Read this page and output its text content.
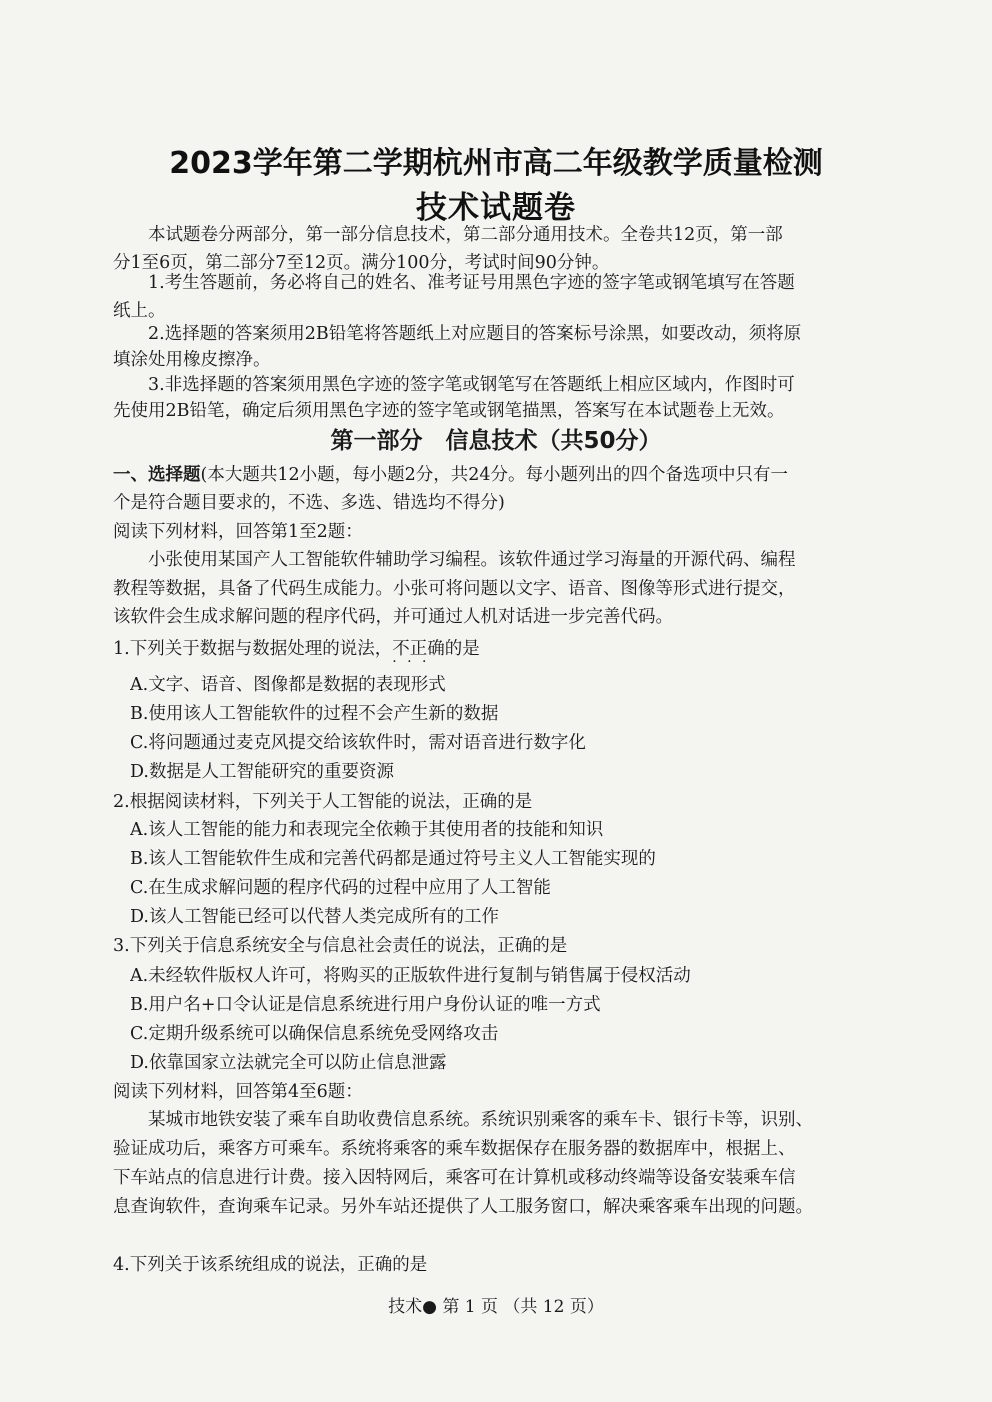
2023学年第二学期杭州市高二年级教学质量检测
技术试题卷
本试题卷分两部分，第一部分信息技术，第二部分通用技术。全卷共12页，第一部
分1至6页，第二部分7至12页。满分100分，考试时间90分钟。
1.考生答题前，务必将自己的姓名、准考证号用黑色字迹的签字笔或钢笔填写在答题
纸上。
2.选择题的答案须用2B铅笔将答题纸上对应题目的答案标号涂黑，如要改动，须将原
填涂处用橡皮擦净。
3.非选择题的答案须用黑色字迹的签字笔或钢笔写在答题纸上相应区域内，作图时可
先使用2B铅笔，确定后须用黑色字迹的签字笔或钢笔描黑，答案写在本试题卷上无效。
第一部分　信息技术（共50分）
一、选择题(本大题共12小题，每小题2分，共24分。每小题列出的四个备选项中只有一
个是符合题目要求的，不选、多选、错选均不得分)
阅读下列材料，回答第1至2题：
小张使用某国产人工智能软件辅助学习编程。该软件通过学习海量的开源代码、编程
教程等数据，具备了代码生成能力。小张可将问题以文字、语音、图像等形式进行提交，
该软件会生成求解问题的程序代码，并可通过人机对话进一步完善代码。
1.下列关于数据与数据处理的说法，不正确 · · ·的是
A.文字、语音、图像都是数据的表现形式
B.使用该人工智能软件的过程不会产生新的数据
C.将问题通过麦克风提交给该软件时，需对语音进行数字化
D.数据是人工智能研究的重要资源
2.根据阅读材料，下列关于人工智能的说法，正确的是
A.该人工智能的能力和表现完全依赖于其使用者的技能和知识
B.该人工智能软件生成和完善代码都是通过符号主义人工智能实现的
C.在生成求解问题的程序代码的过程中应用了人工智能
D.该人工智能已经可以代替人类完成所有的工作
3.下列关于信息系统安全与信息社会责任的说法，正确的是
A.未经软件版权人许可，将购买的正版软件进行复制与销售属于侵权活动
B.用户名+口令认证是信息系统进行用户身份认证的唯一方式
C.定期升级系统可以确保信息系统免受网络攻击
D.依靠国家立法就完全可以防止信息泄露
阅读下列材料，回答第4至6题：
某城市地铁安装了乘车自助收费信息系统。系统识别乘客的乘车卡、银行卡等，识别、
验证成功后，乘客方可乘车。系统将乘客的乘车数据保存在服务器的数据库中，根据上、
下车站点的信息进行计费。接入因特网后，乘客可在计算机或移动终端等设备安装乘车信
息查询软件，查询乘车记录。另外车站还提供了人工服务窗口，解决乘客乘车出现的问题。
4.下列关于该系统组成的说法，正确的是
技术● 第 1 页 （共 12 页）
